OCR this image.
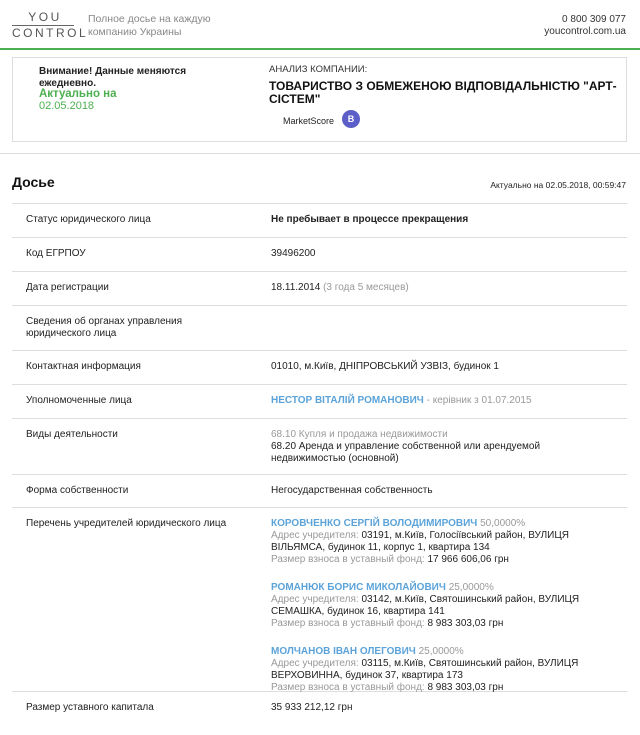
YOU
CONTROL
Полное досье на каждую компанию Украины
0 800 309 077
youcontrol.com.ua
Внимание! Данные меняются ежедневно.
Актуально на
02.05.2018
АНАЛИЗ КОМПАНИИ:
ТОВАРИСТВО З ОБМЕЖЕНОЮ ВІДПОВІДАЛЬНІСТЮ "АРТ-СІСТЕМ"
MarketScore	B
Досье	Актуально на 02.05.2018, 00:59:47
Статус юридического лица	Не пребывает в процессе прекращения
Код ЕГРПОУ	39496200
Дата регистрации	18.11.2014 (3 года 5 месяцев)
Сведения об органах управления юридического лица
Контактная информация	01010, м.Київ, ДНІПРОВСЬКИЙ УЗВІЗ, будинок 1
Уполномоченные лица	НЕСТОР ВІТАЛІЙ РОМАНОВИЧ - керівник з 01.07.2015
Виды деятельности	68.10 Купля и продажа недвижимости
68.20 Аренда и управление собственной или арендуемой недвижимостью (основной)
Форма собственности	Негосударственная собственность
Перечень учредителей юридического лица	КОРОВЧЕНКО СЕРГІЙ ВОЛОДИМИРОВИЧ 50,0000%
Адрес учредителя: 03191, м.Київ, Голосіївський район, ВУЛИЦЯ ВІЛЬЯМСА, будинок 11, корпус 1, квартира 134
Размер взноса в уставный фонд: 17 966 606,06 грн
РОМАНЮК БОРИС МИКОЛАЙОВИЧ 25,0000%
Адрес учредителя: 03142, м.Київ, Святошинський район, ВУЛИЦЯ СЕМАШКА, будинок 16, квартира 141
Размер взноса в уставный фонд: 8 983 303,03 грн
МОЛЧАНОВ ІВАН ОЛЕГОВИЧ 25,0000%
Адрес учредителя: 03115, м.Київ, Святошинський район, ВУЛИЦЯ ВЕРХОВИННА, будинок 37, квартира 173
Размер взноса в уставный фонд: 8 983 303,03 грн
Размер уставного капитала	35 933 212,12 грн
